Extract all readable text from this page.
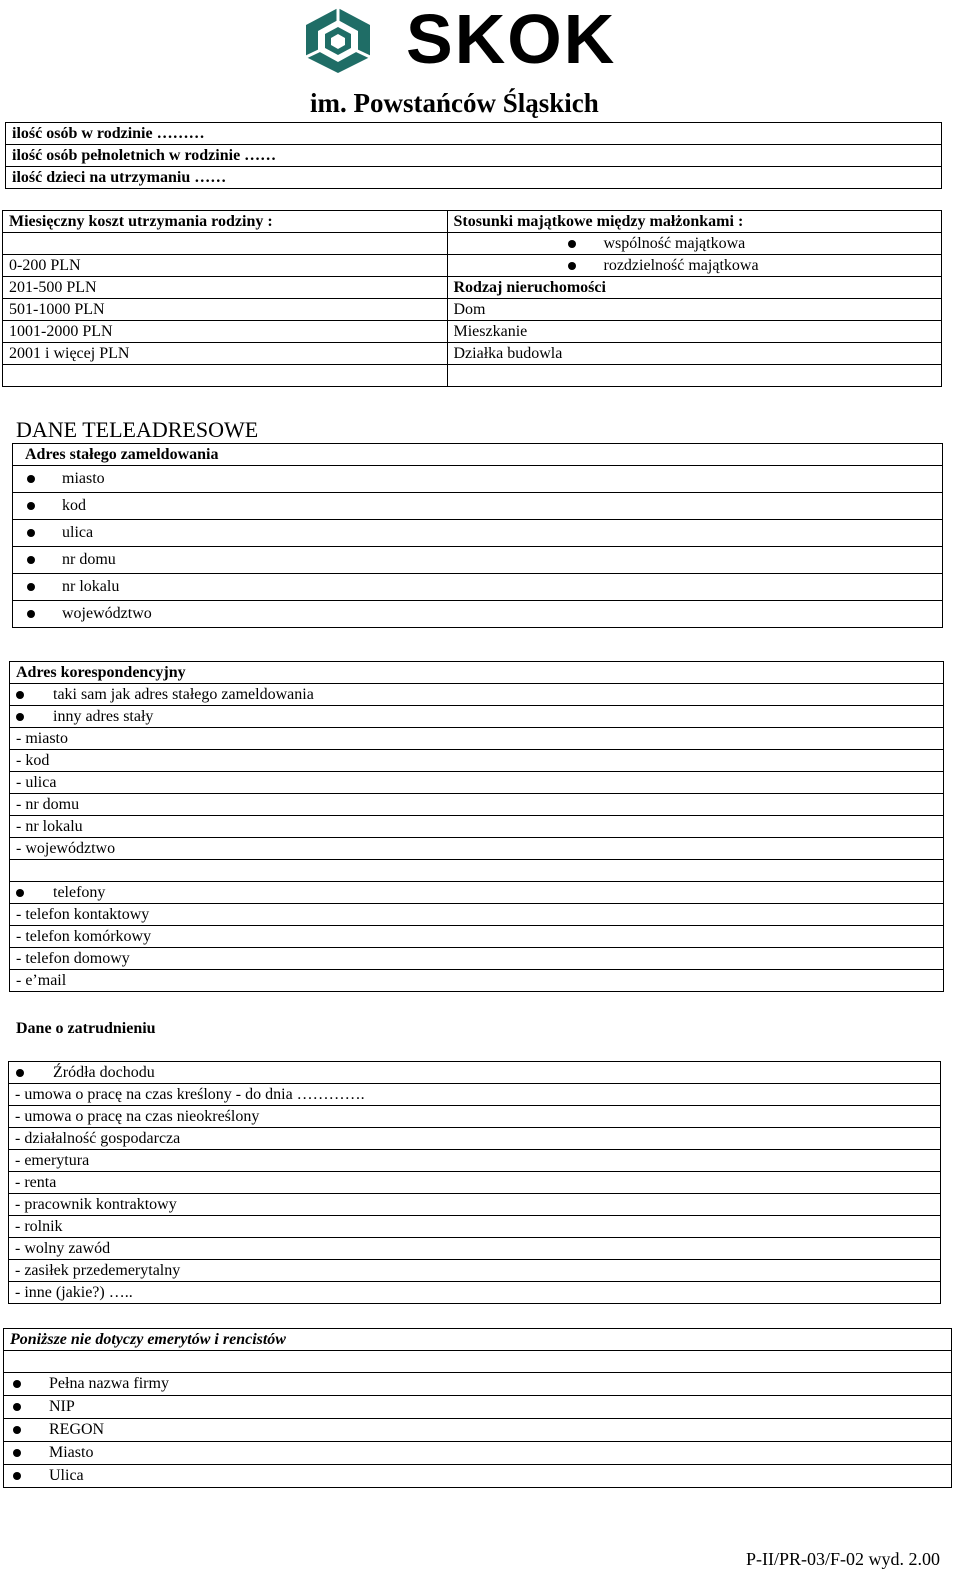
SKOK
im. Powstańców Śląskich
ilość osób w rodzinie ………
ilość osób pełnoletnich w rodzinie ……
ilość dzieci na utrzymaniu ……
Miesięczny koszt utrzymania rodziny :	Stosunki majątkowe między małżonkami :
	wspólność majątkowa
0-200 PLN	rozdzielność majątkowa
201-500 PLN	Rodzaj nieruchomości
501-1000 PLN	Dom
1001-2000 PLN	Mieszkanie
2001 i więcej PLN	Działka budowla

DANE TELEADRESOWE
Adres stałego zameldowania
miasto
kod
ulica
nr domu
nr lokalu
województwo
Adres korespondencyjny
taki sam jak adres stałego zameldowania
inny adres stały
- miasto
- kod
- ulica
- nr domu
- nr lokalu
- województwo

telefony
- telefon kontaktowy
- telefon komórkowy
- telefon domowy
- e’mail
Dane o zatrudnieniu
Źródła dochodu
- umowa o pracę na czas kreślony - do dnia ………….
- umowa o pracę na czas nieokreślony
- działalność gospodarcza
- emerytura
- renta
- pracownik kontraktowy
- rolnik
- wolny zawód
- zasiłek przedemerytalny
- inne (jakie?) …..
Poniższe nie dotyczy emerytów i rencistów

Pełna nazwa firmy
NIP
REGON
Miasto
Ulica
P-II/PR-03/F-02 wyd. 2.00
